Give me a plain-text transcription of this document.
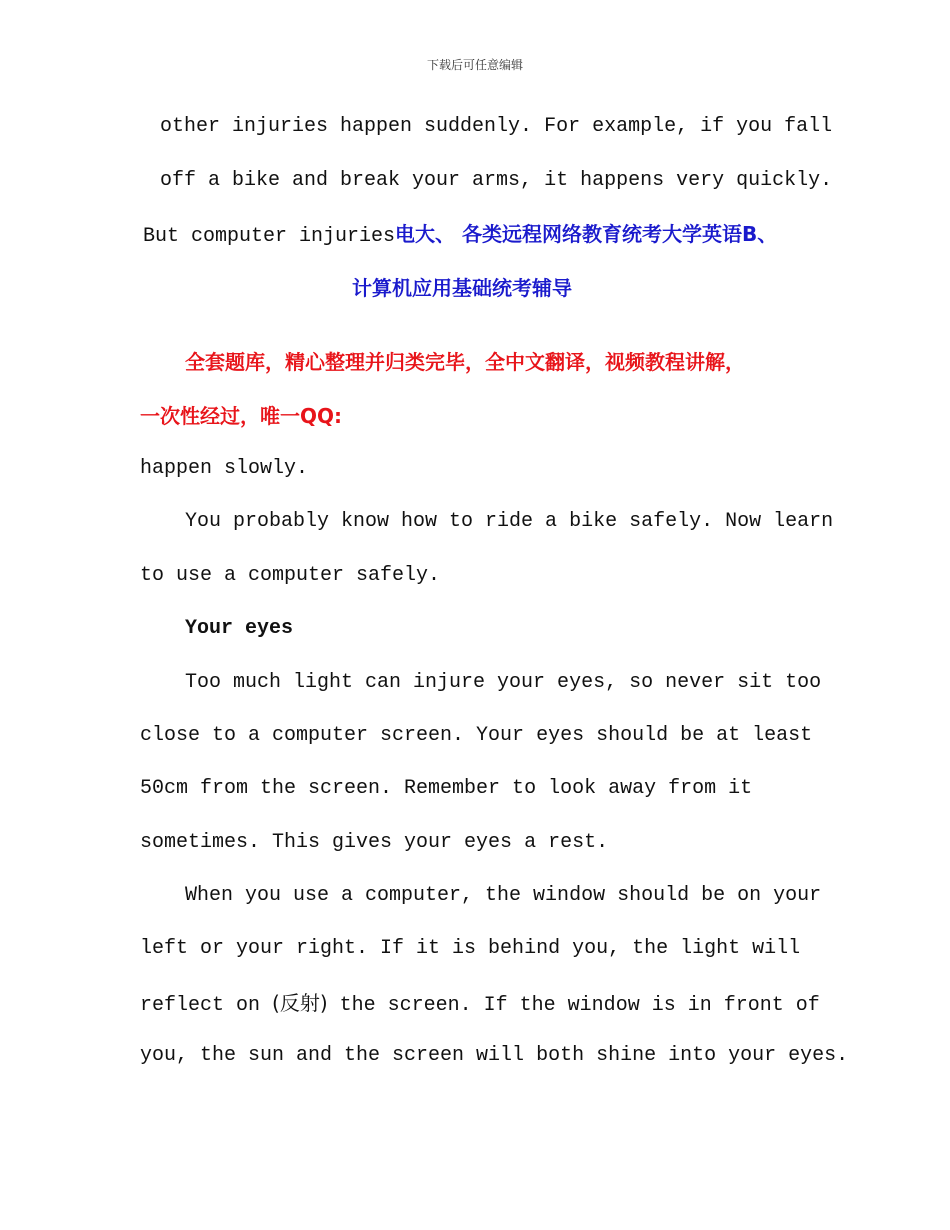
下载后可任意编辑
other injuries happen suddenly. For example, if you fall
off a bike and break your arms, it happens very quickly.
But computer injuries电大、 各类远程网络教育统考大学英语B、
计算机应用基础统考辅导
全套题库，精心整理并归类完毕，全中文翻译，视频教程讲解，
一次性经过，唯一QQ:
happen slowly.
You probably know how to ride a bike safely. Now learn
to use a computer safely.
Your eyes
Too much light can injure your eyes, so never sit too
close to a computer screen. Your eyes should be at least
50cm from the screen. Remember to look away from it
sometimes. This gives your eyes a rest.
When you use a computer, the window should be on your
left or your right. If it is behind you, the light will
reflect on (反射) the screen. If the window is in front of
you, the sun and the screen will both shine into your eyes.
